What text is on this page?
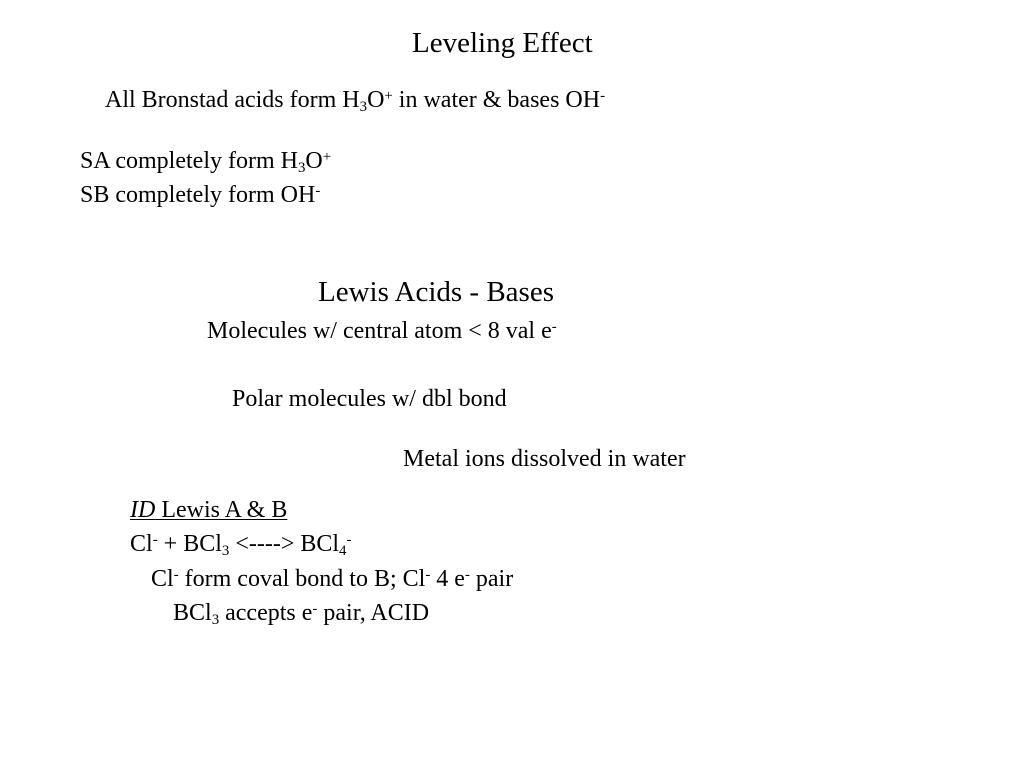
Leveling Effect
All Bronstad acids form $H_3O^+$ in water & bases OH-
SA completely form $H_3O^+$
SB completely form OH-
Lewis Acids - Bases
Molecules w/ central atom < 8 val e-
Polar molecules w/ dbl bond
Metal ions dissolved in water
ID Lewis A & B
Cl- + BCl$_3$ <----> BCl$_4$-
Cl- form coval bond to B; Cl- 4 e- pair
BCl$_3$ accepts e- pair, ACID
